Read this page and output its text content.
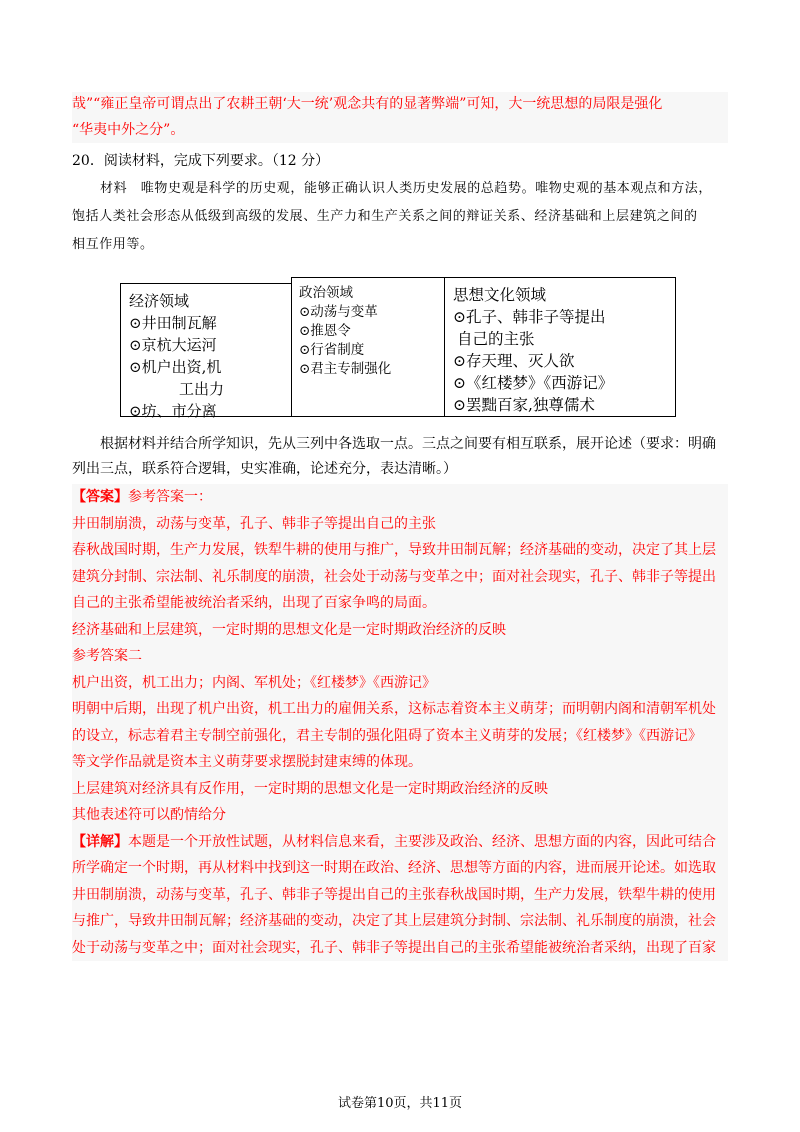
哉”“雍正皇帝可谓点出了农耕王朝‘大一统’观念共有的显著弊端”可知，大一统思想的局限是强化
“华夷中外之分”。
20．阅读材料，完成下列要求。（12 分）

材料　唯物史观是科学的历史观，能够正确认识人类历史发展的总趋势。唯物史观的基本观点和方法，

饱括人类社会形态从低级到高级的发展、生产力和生产关系之间的辩证关系、经济基础和上层建筑之间的

相互作用等。

经济领域
⊙井田制瓦解
⊙京杭大运河
⊙机户出资,机
工出力
⊙坊、市分离
政治领域
⊙动荡与变革
⊙推恩令
⊙行省制度
⊙君主专制强化
思想文化领域
⊙孔子、韩非子等提出
自己的主张
⊙存天理、灭人欲
⊙《红楼梦》《西游记》
⊙罢黜百家,独尊儒术

根据材料并结合所学知识，先从三列中各选取一点。三点之间要有相互联系，展开论述（要求：明确

列出三点，联系符合逻辑，史实准确，论述充分，表达清晰。）

【答案】参考答案一：
井田制崩溃，动荡与变革，孔子、韩非子等提出自己的主张
春秋战国时期，生产力发展，铁犁牛耕的使用与推广，导致井田制瓦解；经济基础的变动，决定了其上层
建筑分封制、宗法制、礼乐制度的崩溃，社会处于动荡与变革之中；面对社会现实，孔子、韩非子等提出
自己的主张希望能被统治者采纳，出现了百家争鸣的局面。
经济基础和上层建筑，一定时期的思想文化是一定时期政治经济的反映
参考答案二
机户出资，机工出力；内阁、军机处；《红楼梦》《西游记》
明朝中后期，出现了机户出资，机工出力的雇佣关系，这标志着资本主义萌芽；而明朝内阁和清朝军机处
的设立，标志着君主专制空前强化，君主专制的强化阻碍了资本主义萌芽的发展；《红楼梦》《西游记》
等文学作品就是资本主义萌芽要求摆脱封建束缚的体现。
上层建筑对经济具有反作用，一定时期的思想文化是一定时期政治经济的反映
其他表述符可以酌情给分
【详解】本题是一个开放性试题，从材料信息来看，主要涉及政治、经济、思想方面的内容，因此可结合
所学确定一个时期，再从材料中找到这一时期在政治、经济、思想等方面的内容，进而展开论述。如选取
井田制崩溃，动荡与变革，孔子、韩非子等提出自己的主张春秋战国时期，生产力发展，铁犁牛耕的使用
与推广，导致井田制瓦解；经济基础的变动，决定了其上层建筑分封制、宗法制、礼乐制度的崩溃，社会
处于动荡与变革之中；面对社会现实，孔子、韩非子等提出自己的主张希望能被统治者采纳，出现了百家
试卷第10页，共11页
